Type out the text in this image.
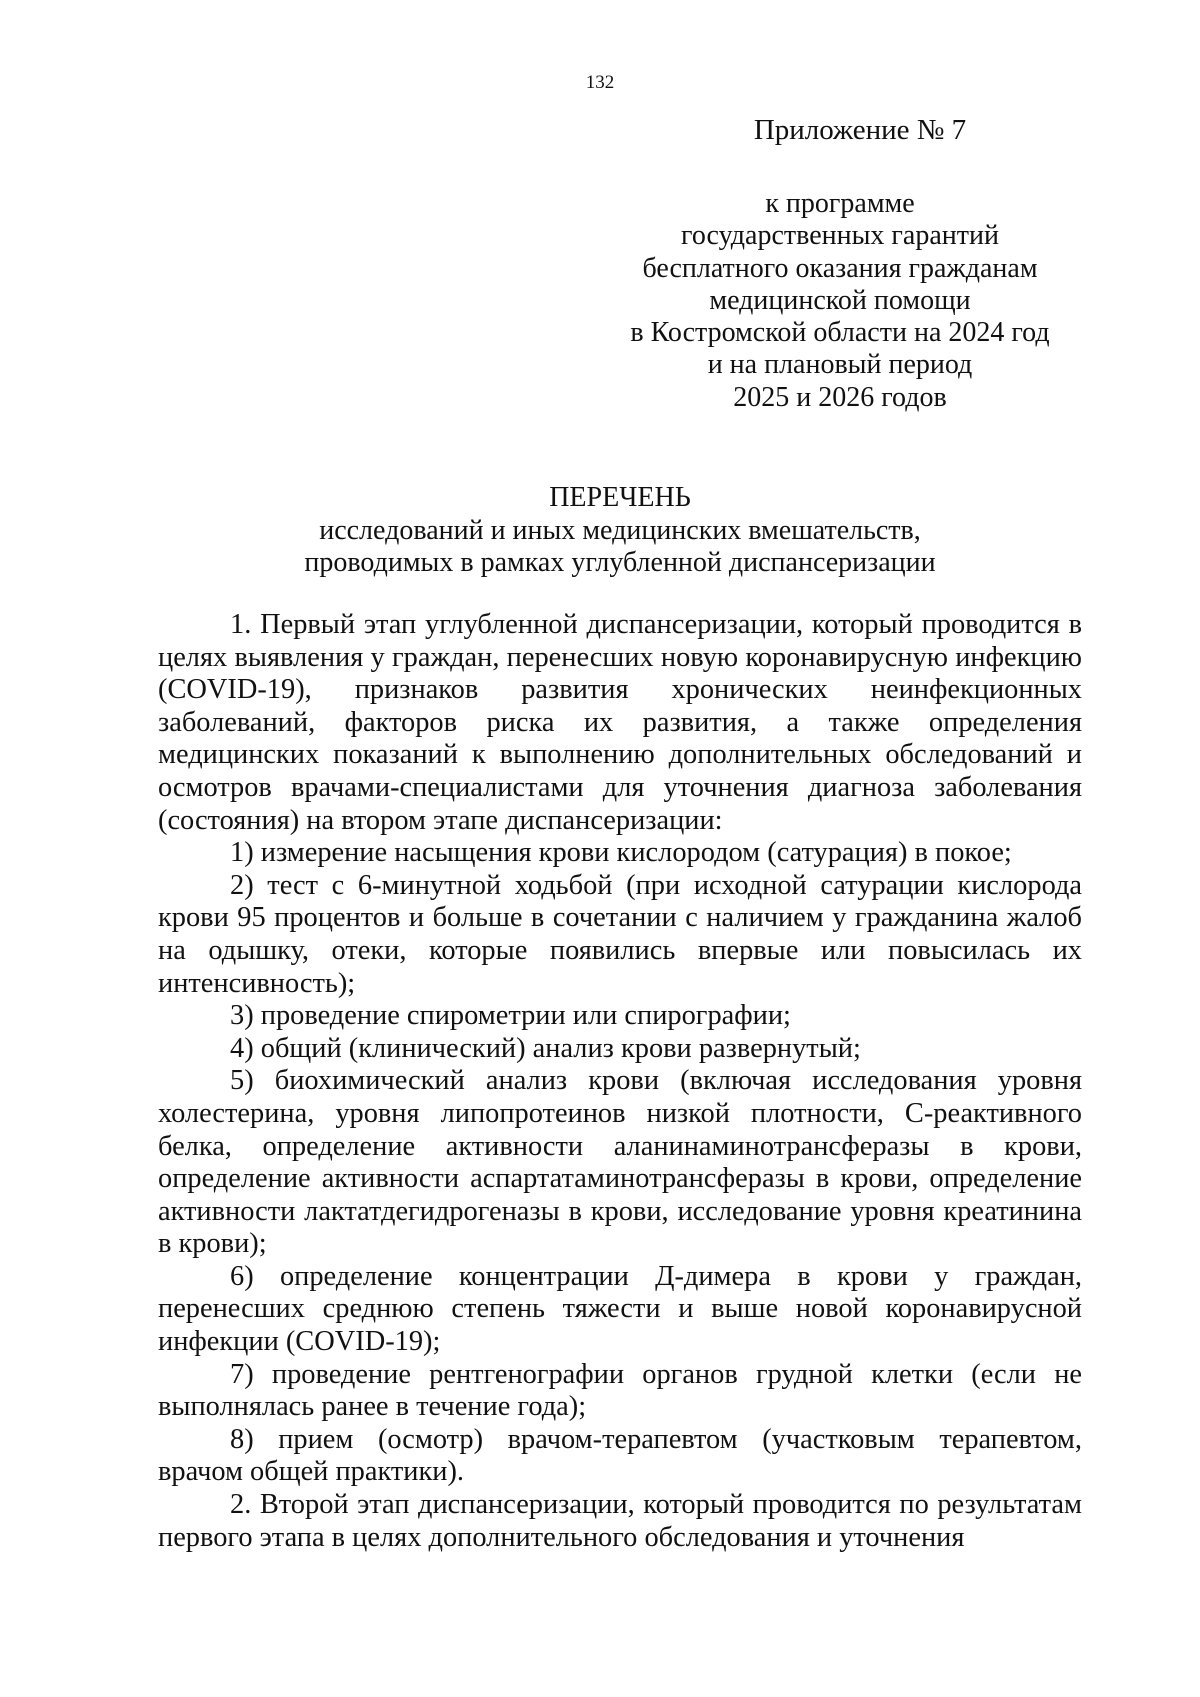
132
Приложение № 7
к программе
государственных гарантий
бесплатного оказания гражданам
медицинской помощи
в Костромской области на 2024 год
и на плановый период
2025 и 2026 годов
ПЕРЕЧЕНЬ
исследований и иных медицинских вмешательств,
проводимых в рамках углубленной диспансеризации

1. Первый этап углубленной диспансеризации, который проводится в целях выявления у граждан, перенесших новую коронавирусную инфекцию (COVID-19), признаков развития хронических неинфекционных заболеваний, факторов риска их развития, а также определения медицинских показаний к выполнению дополнительных обследований и осмотров врачами-специалистами для уточнения диагноза заболевания (состояния) на втором этапе диспансеризации:

1) измерение насыщения крови кислородом (сатурация) в покое;

2) тест с 6-минутной ходьбой (при исходной сатурации кислорода крови 95 процентов и больше в сочетании с наличием у гражданина жалоб на одышку, отеки, которые появились впервые или повысилась их интенсивность);

3) проведение спирометрии или спирографии;

4) общий (клинический) анализ крови развернутый;

5) биохимический анализ крови (включая исследования уровня холестерина, уровня липопротеинов низкой плотности, С-реактивного белка, определение активности аланинаминотрансферазы в крови, определение активности аспартатаминотрансферазы в крови, определение активности лактатдегидрогеназы в крови, исследование уровня креатинина в крови);

6) определение концентрации Д-димера в крови у граждан, перенесших среднюю степень тяжести и выше новой коронавирусной инфекции (COVID-19);

7) проведение рентгенографии органов грудной клетки (если не выполнялась ранее в течение года);

8) прием (осмотр) врачом-терапевтом (участковым терапевтом, врачом общей практики).

2. Второй этап диспансеризации, который проводится по результатам первого этапа в целях дополнительного обследования и уточнения
